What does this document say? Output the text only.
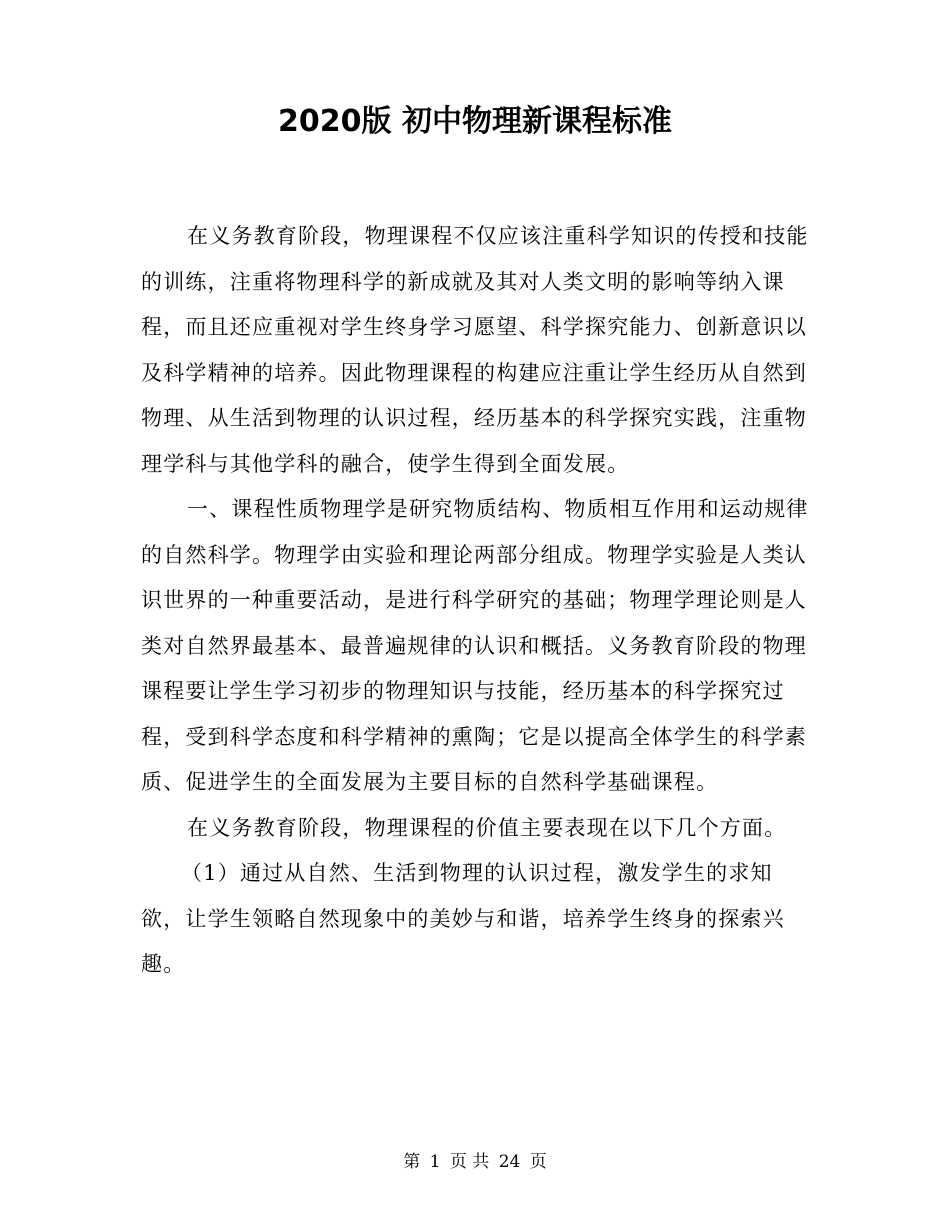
2020版 初中物理新课程标准

在义务教育阶段，物理课程不仅应该注重科学知识的传授和技能的训练，注重将物理科学的新成就及其对人类文明的影响等纳入课程，而且还应重视对学生终身学习愿望、科学探究能力、创新意识以及科学精神的培养。因此物理课程的构建应注重让学生经历从自然到物理、从生活到物理的认识过程，经历基本的科学探究实践，注重物理学科与其他学科的融合，使学生得到全面发展。

一、课程性质物理学是研究物质结构、物质相互作用和运动规律的自然科学。物理学由实验和理论两部分组成。物理学实验是人类认识世界的一种重要活动，是进行科学研究的基础；物理学理论则是人类对自然界最基本、最普遍规律的认识和概括。义务教育阶段的物理课程要让学生学习初步的物理知识与技能，经历基本的科学探究过程，受到科学态度和科学精神的熏陶；它是以提高全体学生的科学素质、促进学生的全面发展为主要目标的自然科学基础课程。

在义务教育阶段，物理课程的价值主要表现在以下几个方面。

（1）通过从自然、生活到物理的认识过程，激发学生的求知欲，让学生领略自然现象中的美妙与和谐，培养学生终身的探索兴趣。

第 1 页 共 24 页
